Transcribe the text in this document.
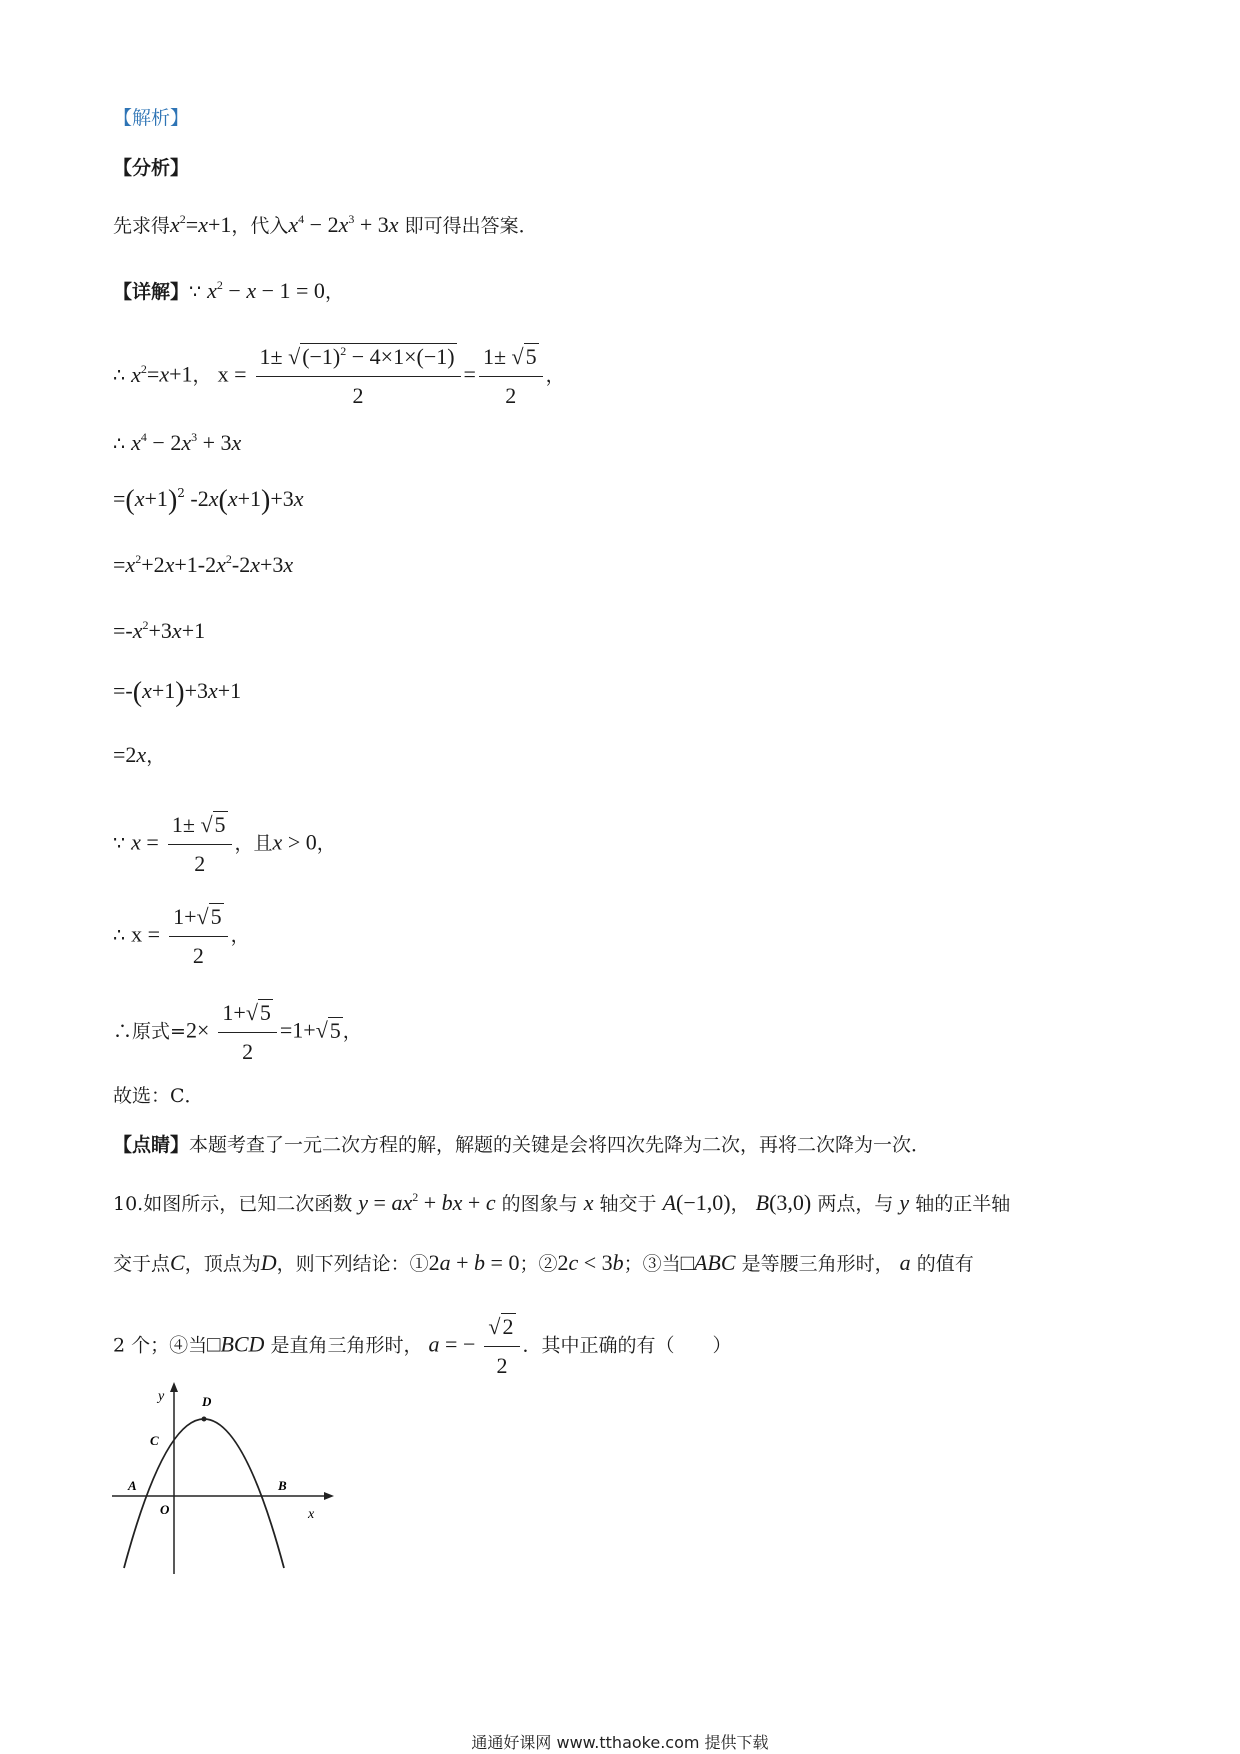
【解析】
【分析】
先求得$x^2=x+1$，代入$x^4 - 2x^3 + 3x$ 即可得出答案．
【详解】∵ $x^2 - x - 1 = 0$，
∴ $x^2=x+1$， $x = \frac{1\pm √(-1)^2 - 4\times 1\times(-1)}{2} = \frac{1\pm √5}{2}$ ，
∴ $x^4 - 2x^3 + 3x$
$=(x+1)^2$ -2x(x+1)+3x
$=x^2+2x+1-2x^2-2x+3x$
$=-x^2+3x+1$
=-(x+1)+3x+1
=2x，
∵ $x = \frac{1\pm √5}{2}$ ，且x > 0，
∴ $x = \frac{1+√5}{2}$ ，
∴原式$=2\times \frac{1+√5}{2} =1+√5$ ，
故选：C．
【点睛】本题考查了一元二次方程的解，解题的关键是会将四次先降为二次，再将二次降为一次．
10.如图所示，已知二次函数 $y = ax^2$ + bx + c 的图象与 x 轴交于 A(−1,0)， B(3,0) 两点，与 y 轴的正半轴
交于点C，顶点为D，则下列结论：①2a + b = 0；②2c < 3b；③当□ABC 是等腰三角形时， a 的值有
2 个；④当□BCD 是直角三角形时， a = − $\frac{√2}{2}$ ．其中正确的有（　　）
y	D
C
A	B
O	x
通通好课网 www.tthaoke.com 提供下载
